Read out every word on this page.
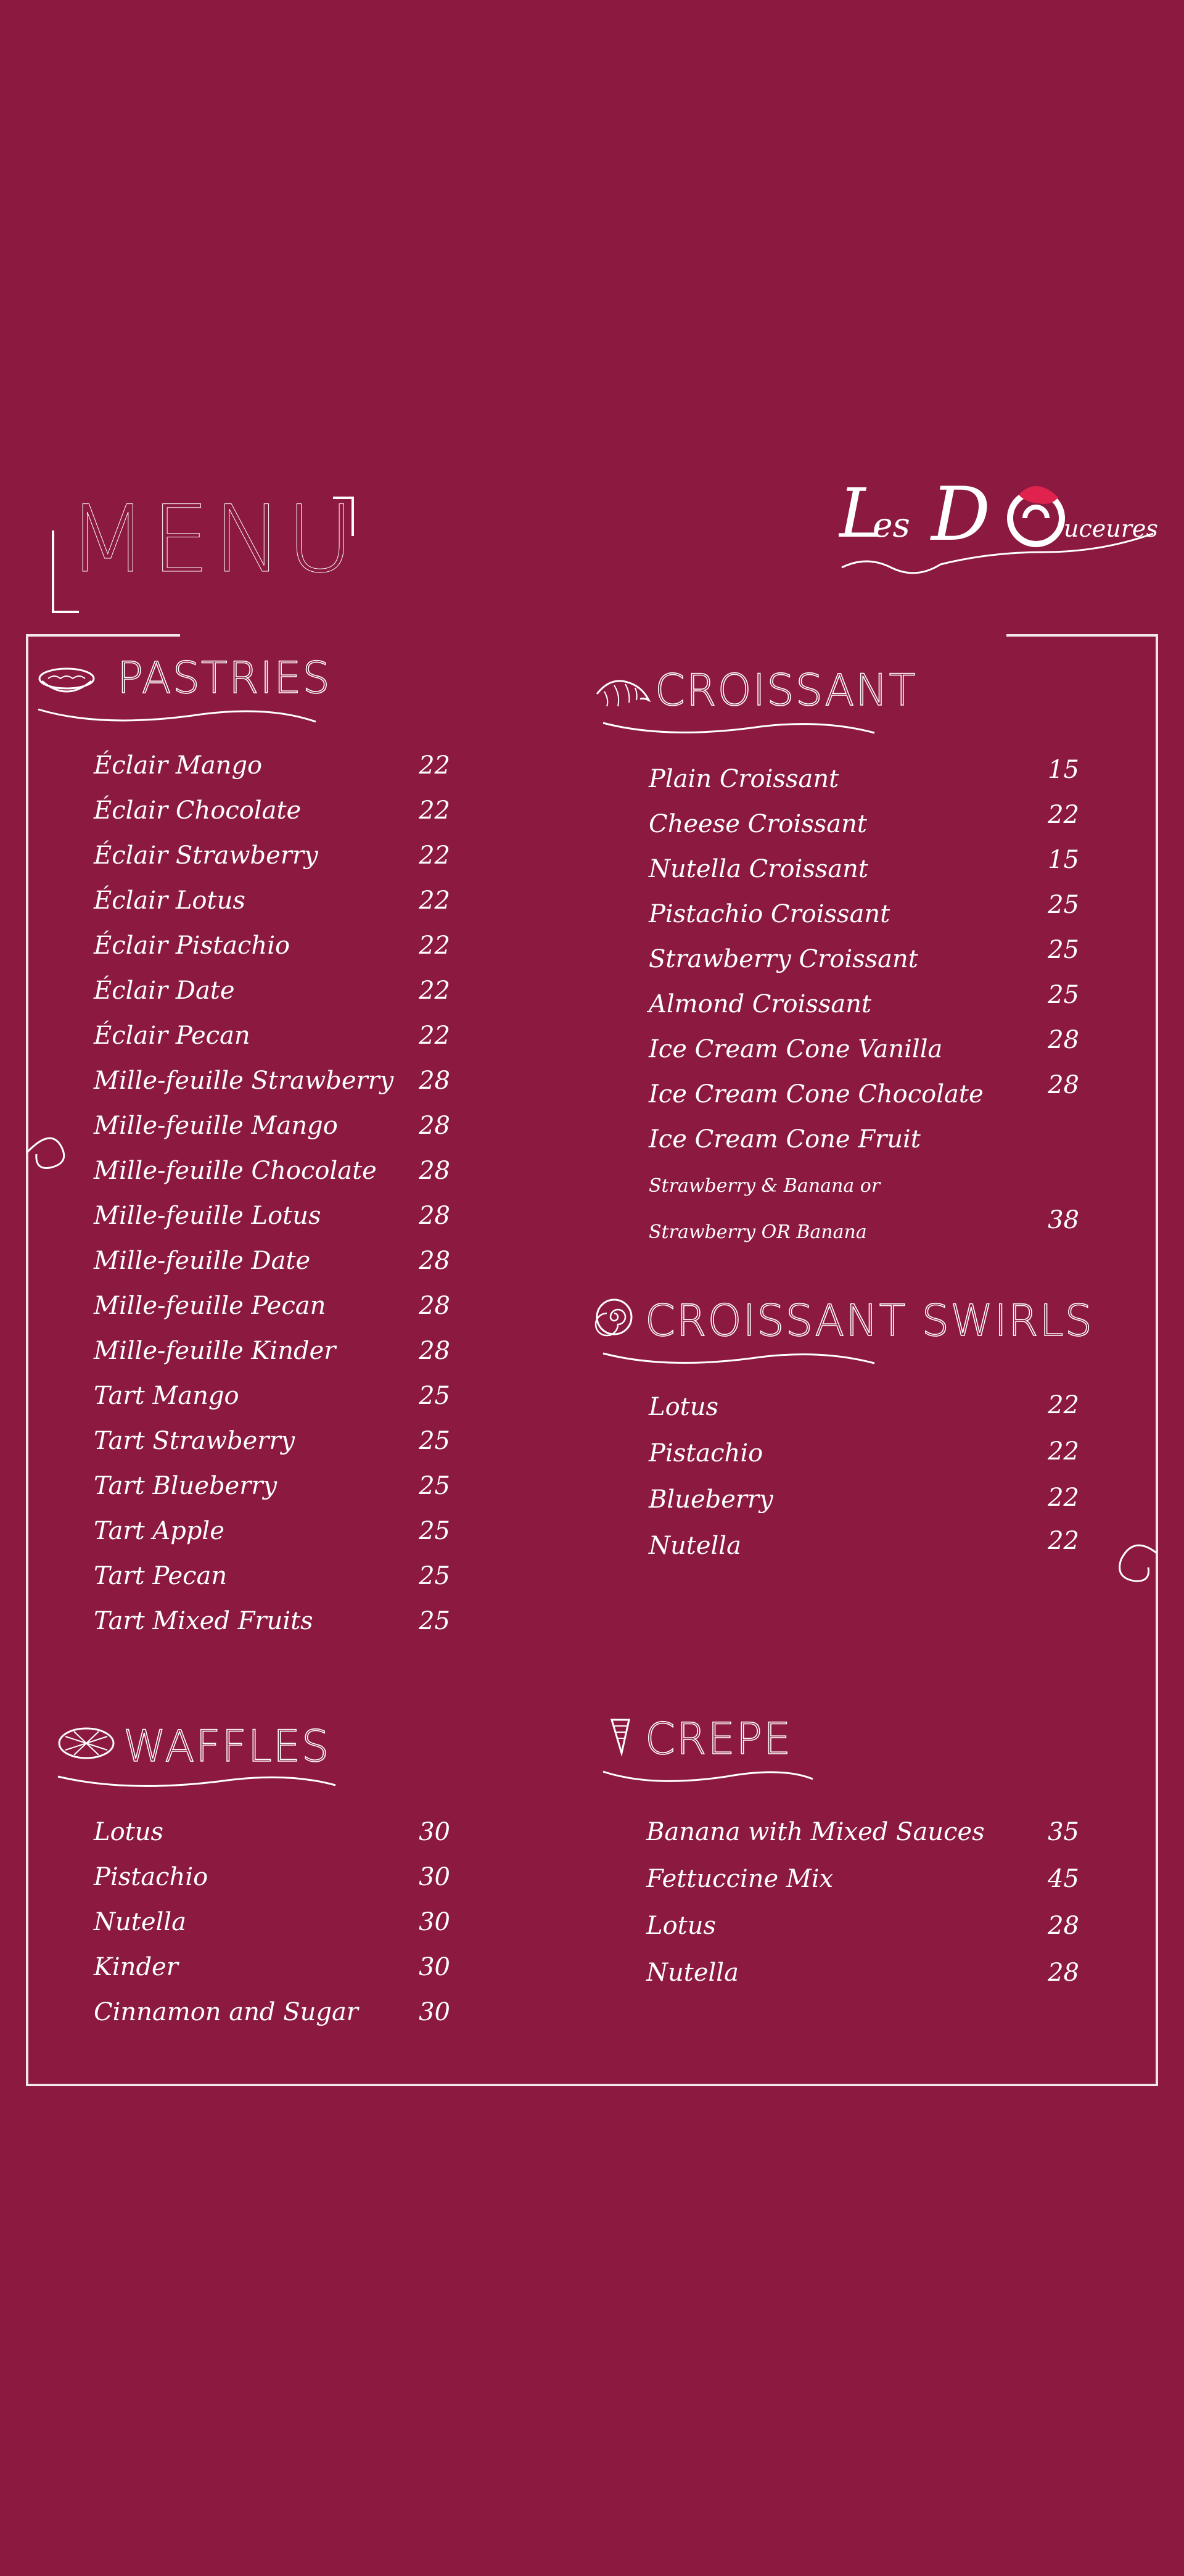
MENU	L
es D	uceures
PASTRIES
Éclair Mango	22
Éclair Chocolate	22
Éclair Strawberry	22
Éclair Lotus	22
Éclair Pistachio	22
Éclair Date	22
Éclair Pecan	22
Mille-feuille Strawberry	28
Mille-feuille Mango	28
Mille-feuille Chocolate	28
Mille-feuille Lotus	28
Mille-feuille Date	28
Mille-feuille Pecan	28
Mille-feuille Kinder	28
Tart Mango	25
Tart Strawberry	25
Tart Blueberry	25
Tart Apple	25
Tart Pecan	25
Tart Mixed Fruits	25
CROISSANT
Plain Croissant	15
Cheese Croissant	22
Nutella Croissant	15
Pistachio Croissant	25
Strawberry Croissant	25
Almond Croissant	25
Ice Cream Cone Vanilla	28
Ice Cream Cone Chocolate	28
Ice Cream Cone Fruit
Strawberry & Banana or
Strawberry OR Banana	38
CROISSANT SWIRLS
Lotus	22
Pistachio	22
Blueberry	22
Nutella	22
WAFFLES
Lotus	30
Pistachio	30
Nutella	30
Kinder	30
Cinnamon and Sugar	30
CREPE
Banana with Mixed Sauces	35
Fettuccine Mix	45
Lotus	28
Nutella	28
